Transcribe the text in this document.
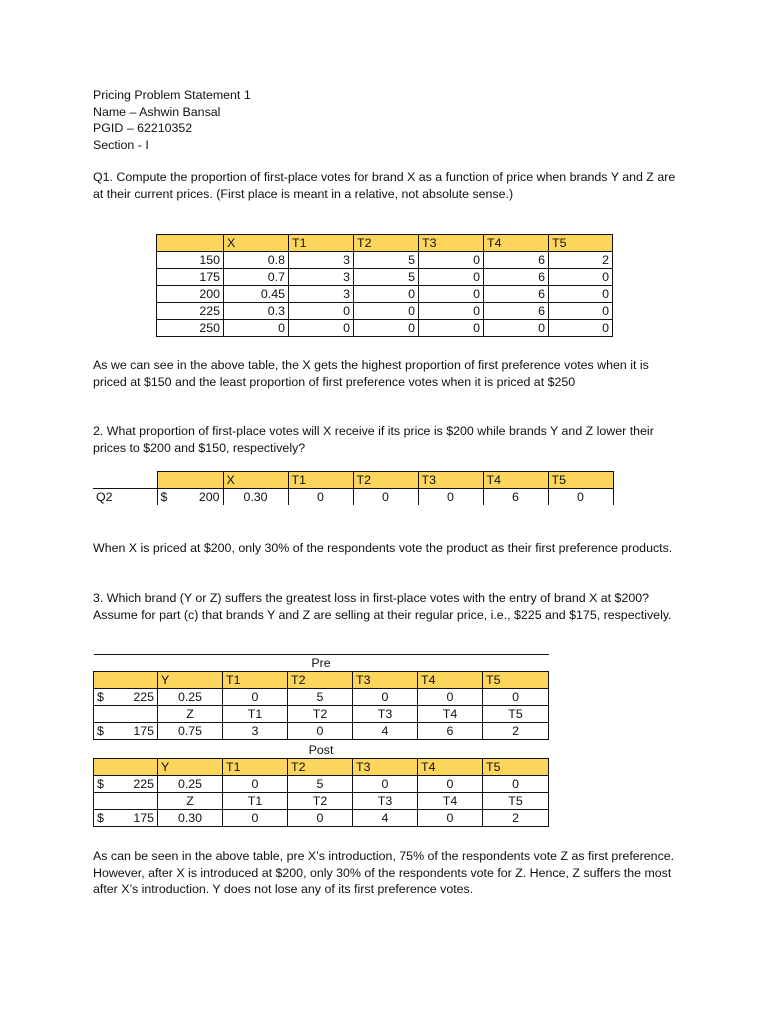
Pricing Problem Statement 1

Name – Ashwin Bansal

PGID – 62210352

Section - I

Q1. Compute the proportion of first-place votes for brand X as a function of price when brands Y and Z are at their current prices. (First place is meant in a relative, not absolute sense.)

	X	T1	T2	T3	T4	T5
150	0.8	3	5	0	6	2
175	0.7	3	5	0	6	0
200	0.45	3	0	0	6	0
225	0.3	0	0	0	6	0
250	0	0	0	0	0	0

As we can see in the above table, the X gets the highest proportion of first preference votes when it is priced at $150 and the least proportion of first preference votes when it is priced at $250

2. What proportion of first-place votes will X receive if its price is $200 while brands Y and Z lower their prices to $200 and $150, respectively?

		X	T1	T2	T3	T4	T5
Q2	$ 200	0.30	0	0	0	6	0

When X is priced at $200, only 30% of the respondents vote the product as their first preference products.

3. Which brand (Y or Z) suffers the greatest loss in first-place votes with the entry of brand X at $200? Assume for part (c) that brands Y and Z are selling at their regular price, i.e., $225 and $175, respectively.

Pre						
	Y	T1	T2	T3	T4	T5

$ 225	0.25	0	5	0	0	0
	Z	T1	T2	T3	T4	T5

$ 175	0.75	3	0	4	6	2
Post						
	Y	T1	T2	T3	T4	T5

$ 225	0.25	0	5	0	0	0
	Z	T1	T2	T3	T4	T5

$ 175	0.30	0	0	4	0	2

As can be seen in the above table, pre X’s introduction, 75% of the respondents vote Z as first preference. However, after X is introduced at $200, only 30% of the respondents vote for Z. Hence, Z suffers the most after X’s introduction. Y does not lose any of its first preference votes.
